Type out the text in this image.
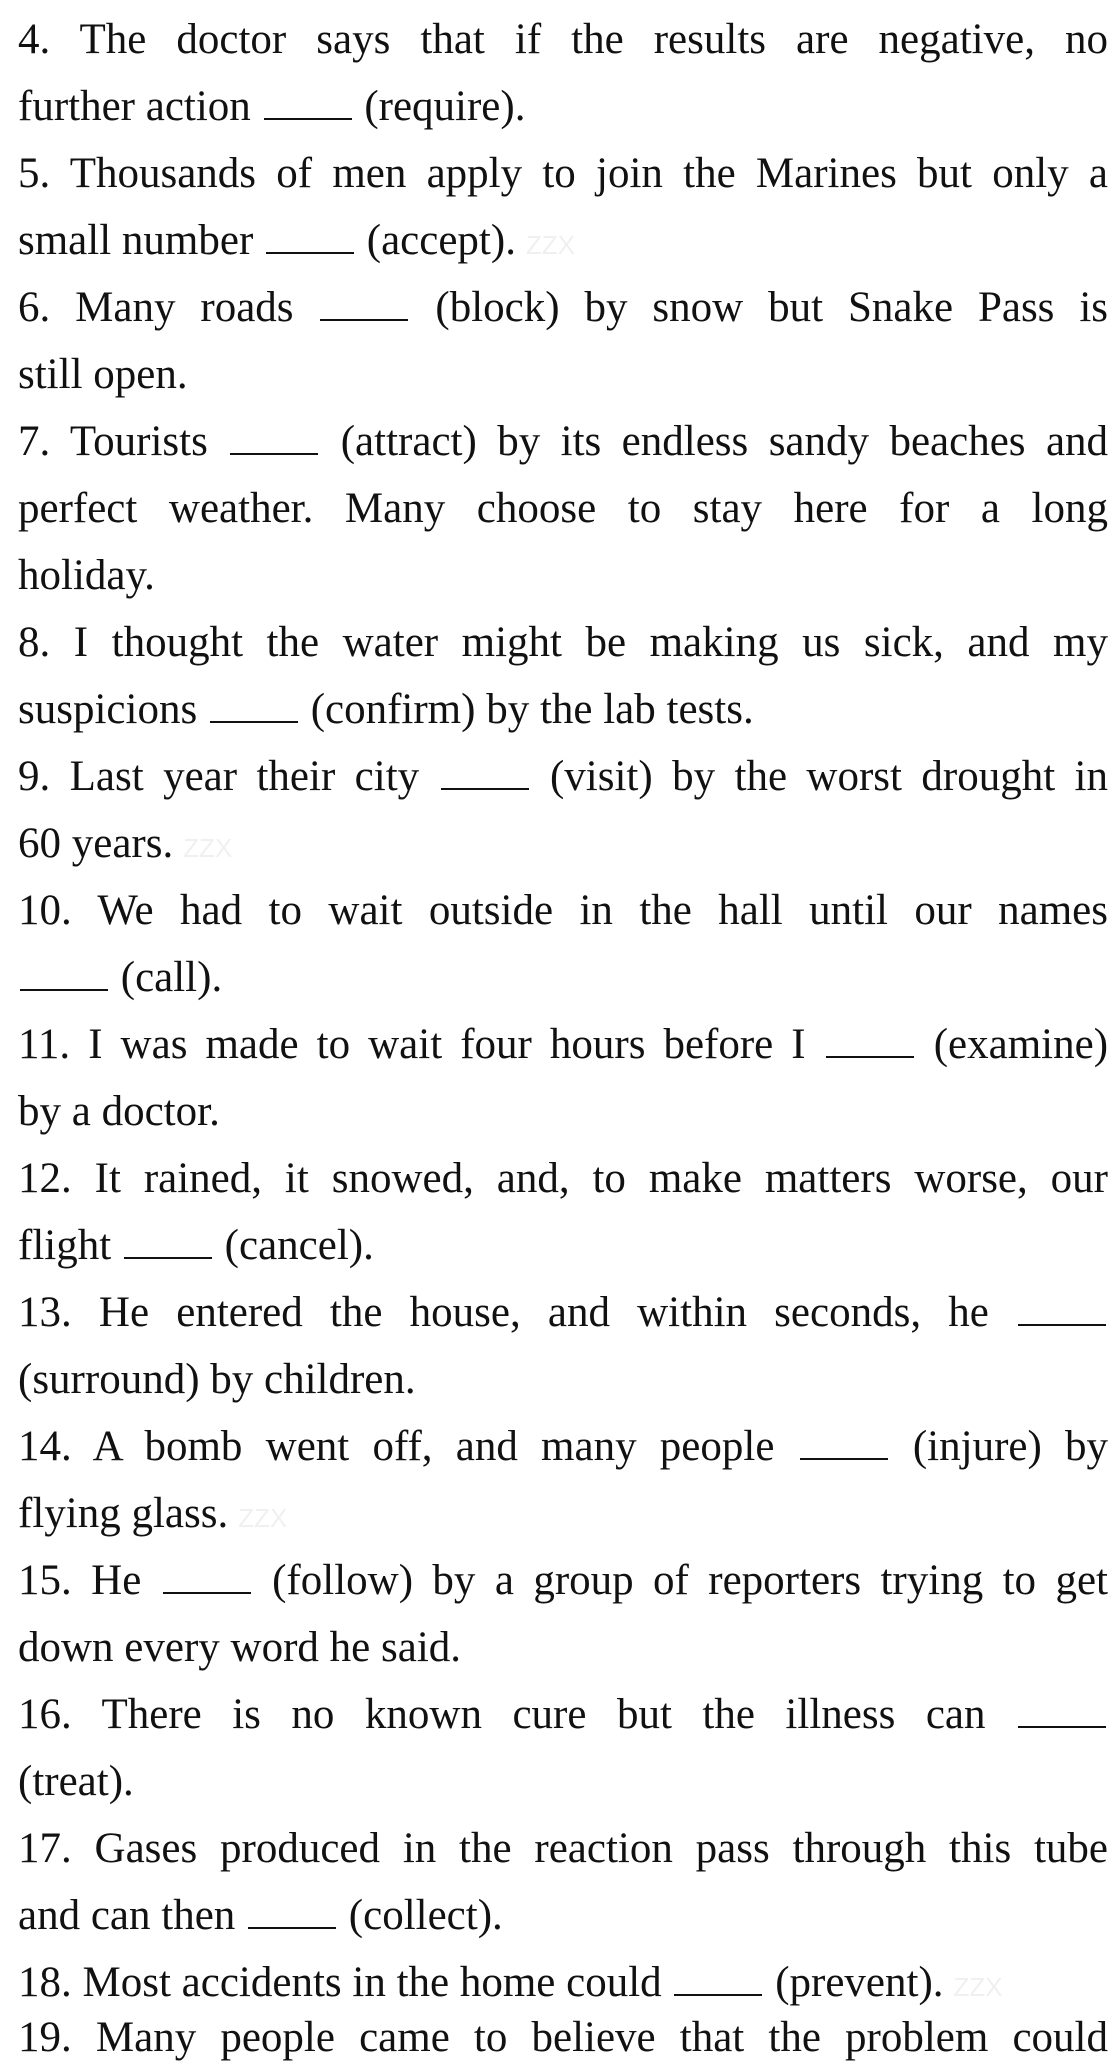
4. The doctor says that if the results are negative, no
further action	(require).
5. Thousands of men apply to join the Marines but only a
small number	(accept). ZZX
6. Many roads	(block) by snow but Snake Pass is
still open.
7. Tourists	(attract) by its endless sandy beaches and
perfect weather. Many choose to stay here for a long
holiday.
8. I thought the water might be making us sick, and my
suspicions	(confirm) by the lab tests.
9. Last year their city	(visit) by the worst drought in
60 years. ZZX
10. We had to wait outside in the hall until our names
(call).
11. I was made to wait four hours before I	(examine)
by a doctor.
12. It rained, it snowed, and, to make matters worse, our
flight	(cancel).
13. He entered the house, and within seconds, he
(surround) by children.
14. A bomb went off, and many people	(injure) by
flying glass. ZZX
15. He	(follow) by a group of reporters trying to get
down every word he said.
16. There is no known cure but the illness can
(treat).
17. Gases produced in the reaction pass through this tube
and can then	(collect).
18. Most accidents in the home could	(prevent). ZZX
19. Many people came to believe that the problem could
